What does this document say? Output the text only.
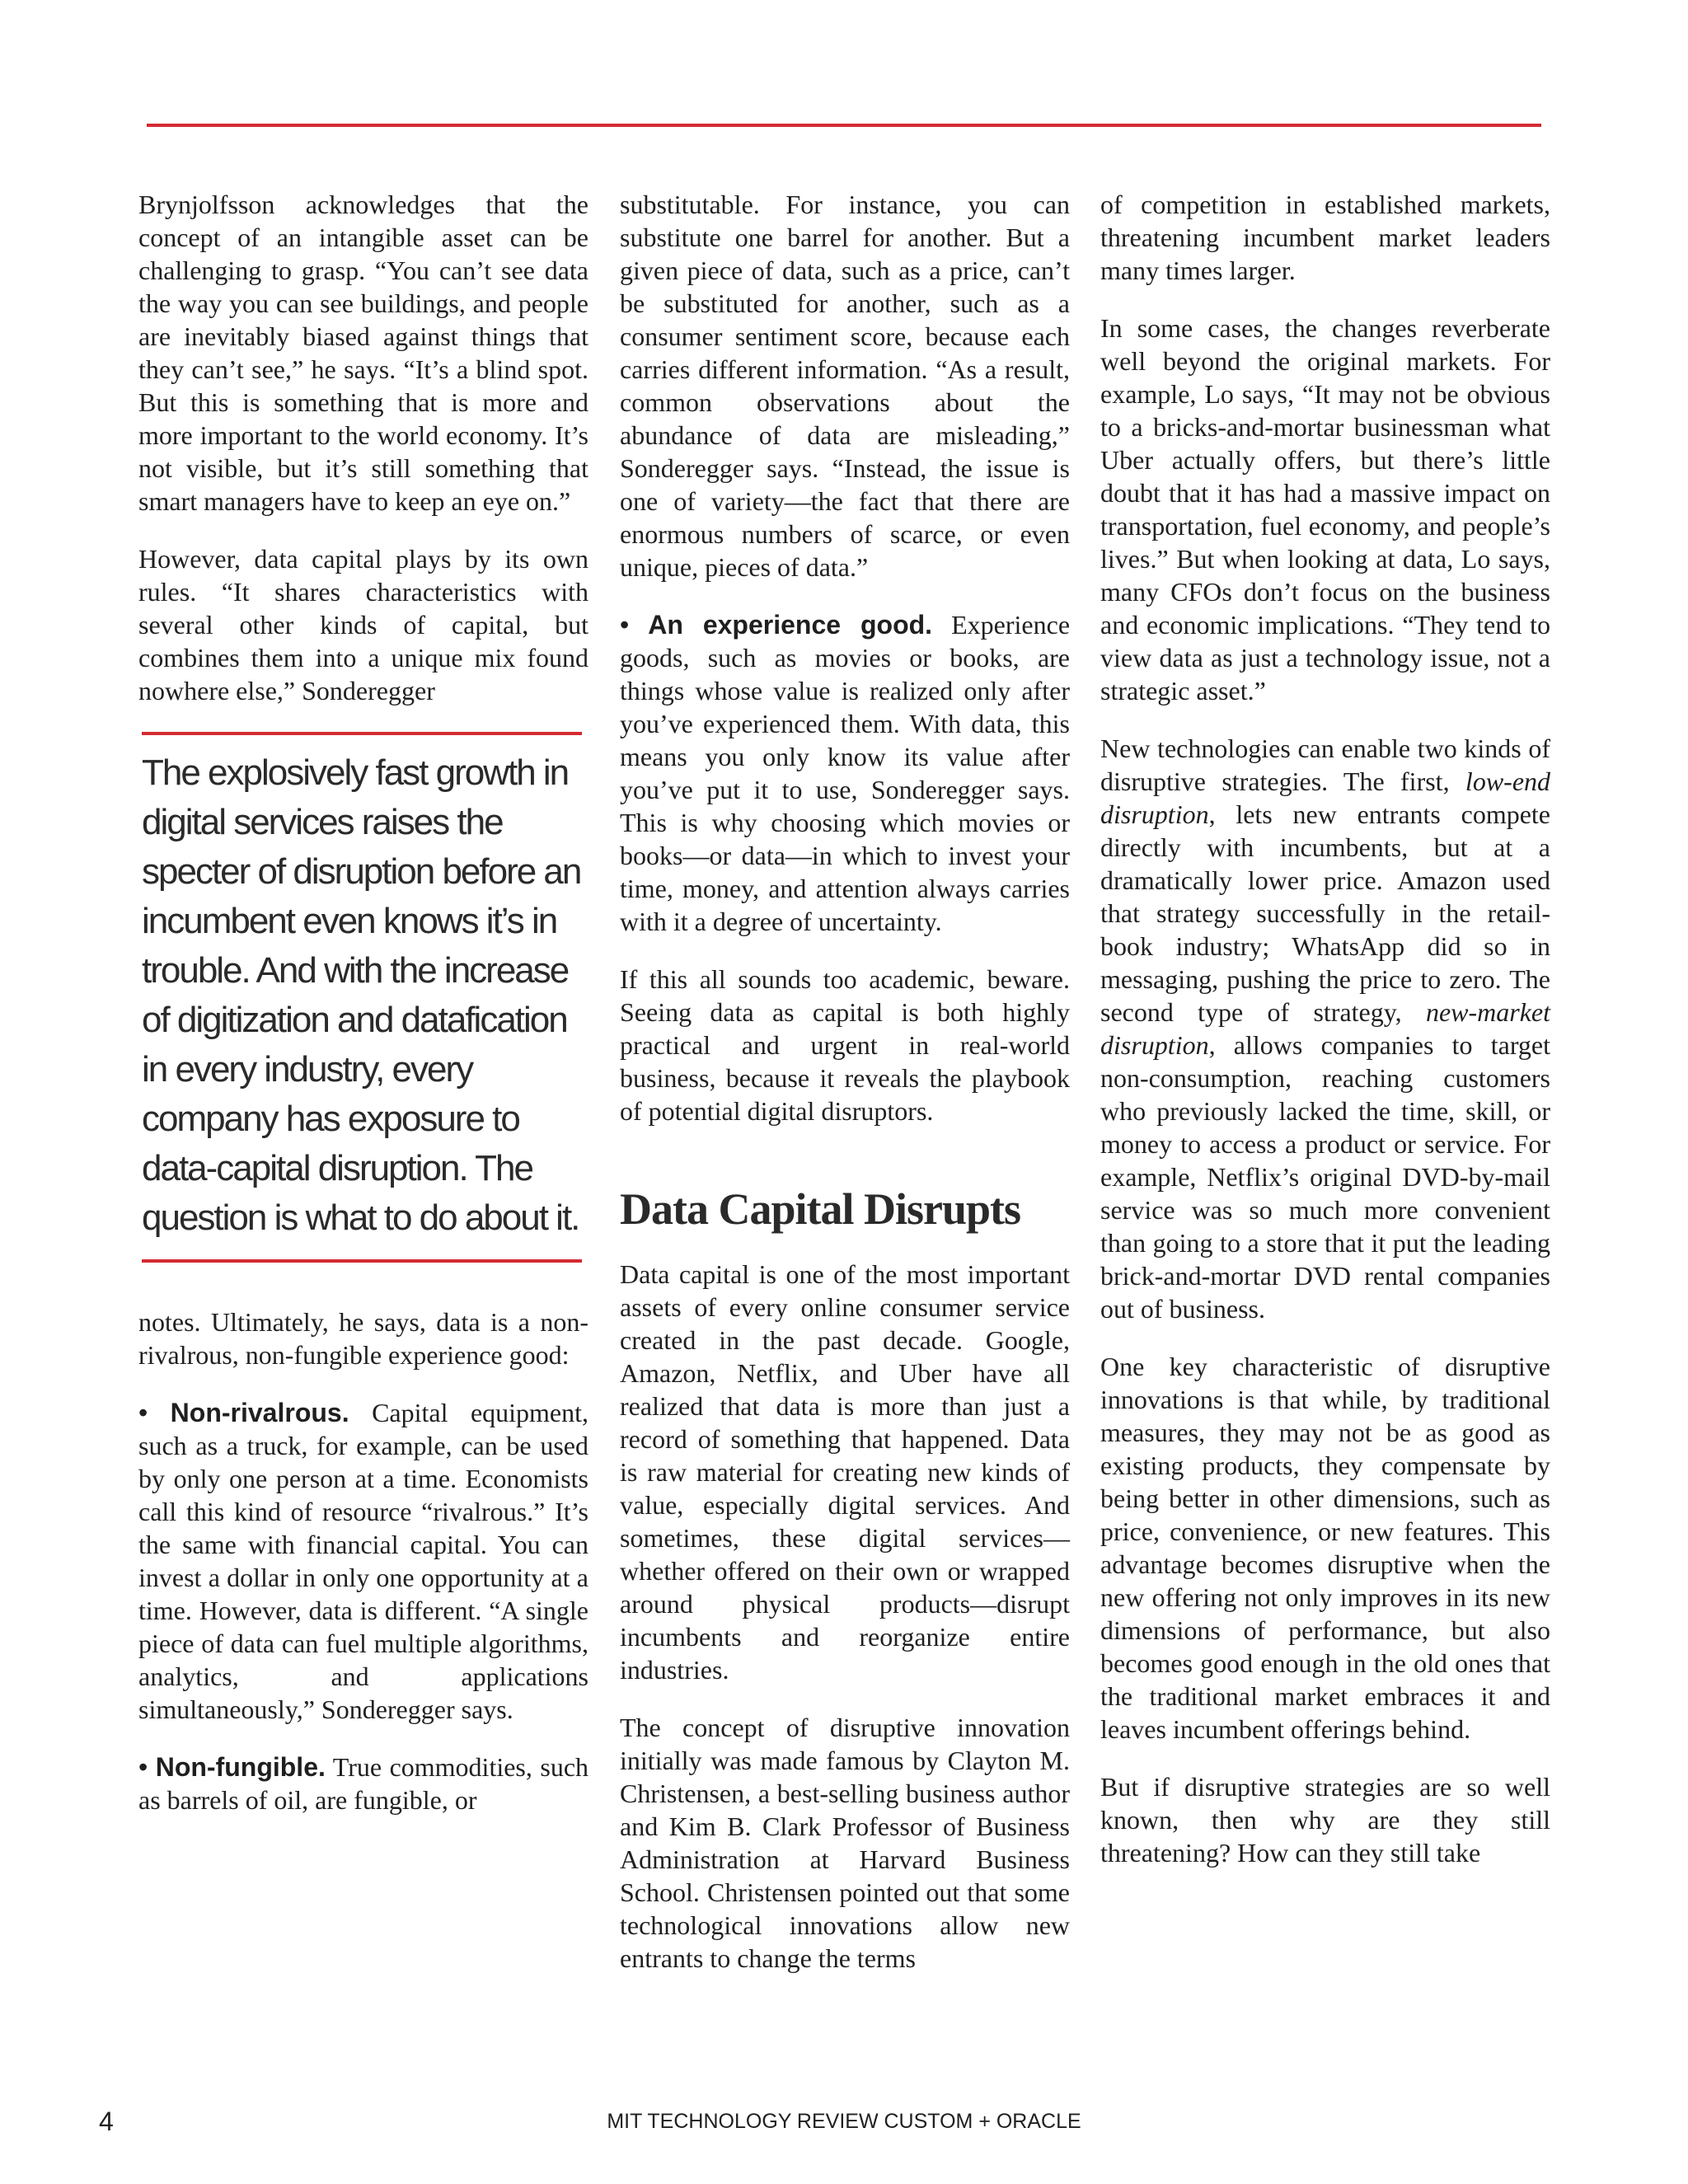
Brynjolfsson acknowledges that the concept of an intangible asset can be challenging to grasp. “You can’t see data the way you can see buildings, and people are inevitably biased against things that they can’t see,” he says. “It’s a blind spot. But this is something that is more and more important to the world economy. It’s not visible, but it’s still something that smart managers have to keep an eye on.”

However, data capital plays by its own rules. “It shares characteristics with several other kinds of capital, but combines them into a unique mix found nowhere else,” Sonderegger

The explosively fast growth in digital services raises the specter of disruption before an incumbent even knows it’s in trouble. And with the increase of digitization and datafication in every industry, every company has exposure to data-capital disruption. The question is what to do about it.

notes. Ultimately, he says, data is a non-rivalrous, non-fungible experience good:

• Non-rivalrous. Capital equipment, such as a truck, for example, can be used by only one person at a time. Economists call this kind of resource “rivalrous.” It’s the same with financial capital. You can invest a dollar in only one opportunity at a time. However, data is different. “A single piece of data can fuel multiple algorithms, analytics, and applications simultaneously,” Sonderegger says.

• Non-fungible. True commodities, such as barrels of oil, are fungible, or

substitutable. For instance, you can substitute one barrel for another. But a given piece of data, such as a price, can’t be substituted for another, such as a consumer sentiment score, because each carries different information. “As a result, common observations about the abundance of data are misleading,” Sonderegger says. “Instead, the issue is one of variety—the fact that there are enormous numbers of scarce, or even unique, pieces of data.”

• An experience good. Experience goods, such as movies or books, are things whose value is realized only after you’ve experienced them. With data, this means you only know its value after you’ve put it to use, Sonderegger says. This is why choosing which movies or books—or data—in which to invest your time, money, and attention always carries with it a degree of uncertainty.

If this all sounds too academic, beware. Seeing data as capital is both highly practical and urgent in real-world business, because it reveals the playbook of potential digital disruptors.

Data Capital Disrupts

Data capital is one of the most important assets of every online consumer service created in the past decade. Google, Amazon, Netflix, and Uber have all realized that data is more than just a record of something that happened. Data is raw material for creating new kinds of value, especially digital services. And sometimes, these digital services—whether offered on their own or wrapped around physical products—disrupt incumbents and reorganize entire industries.

The concept of disruptive innovation initially was made famous by Clayton M. Christensen, a best-selling business author and Kim B. Clark Professor of Business Administration at Harvard Business School. Christensen pointed out that some technological innovations allow new entrants to change the terms

of competition in established markets, threatening incumbent market leaders many times larger.

In some cases, the changes reverberate well beyond the original markets. For example, Lo says, “It may not be obvious to a bricks-and-mortar businessman what Uber actually offers, but there’s little doubt that it has had a massive impact on transportation, fuel economy, and people’s lives.” But when looking at data, Lo says, many CFOs don’t focus on the business and economic implications. “They tend to view data as just a technology issue, not a strategic asset.”

New technologies can enable two kinds of disruptive strategies. The first, low-end disruption, lets new entrants compete directly with incumbents, but at a dramatically lower price. Amazon used that strategy successfully in the retail-book industry; WhatsApp did so in messaging, pushing the price to zero. The second type of strategy, new-market disruption, allows companies to target non-consumption, reaching customers who previously lacked the time, skill, or money to access a product or service. For example, Netflix’s original DVD-by-mail service was so much more convenient than going to a store that it put the leading brick-and-mortar DVD rental companies out of business.

One key characteristic of disruptive innovations is that while, by traditional measures, they may not be as good as existing products, they compensate by being better in other dimensions, such as price, convenience, or new features. This advantage becomes disruptive when the new offering not only improves in its new dimensions of performance, but also becomes good enough in the old ones that the traditional market embraces it and leaves incumbent offerings behind.

But if disruptive strategies are so well known, then why are they still threatening? How can they still take

4	MIT TECHNOLOGY REVIEW CUSTOM + ORACLE
